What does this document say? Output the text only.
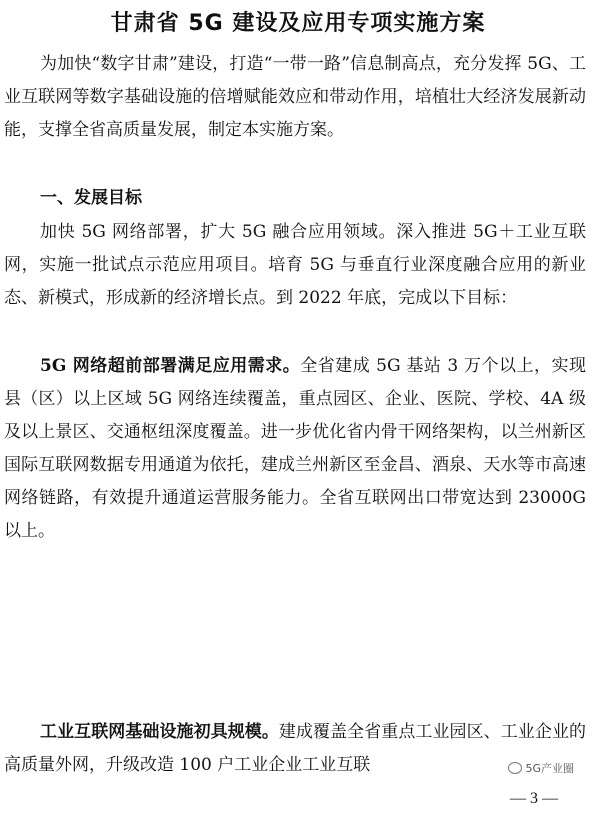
甘肃省 5G 建设及应用专项实施方案
为加快“数字甘肃”建设，打造“一带一路”信息制高点，充分发挥 5G、工业互联网等数字基础设施的倍增赋能效应和带动作用，培植壮大经济发展新动能，支撑全省高质量发展，制定本实施方案。
一、发展目标
加快 5G 网络部署，扩大 5G 融合应用领域。深入推进 5G＋工业互联网，实施一批试点示范应用项目。培育 5G 与垂直行业深度融合应用的新业态、新模式，形成新的经济增长点。到 2022 年底，完成以下目标：
5G 网络超前部署满足应用需求。全省建成 5G 基站 3 万个以上，实现县（区）以上区域 5G 网络连续覆盖，重点园区、企业、医院、学校、4A 级及以上景区、交通枢纽深度覆盖。进一步优化省内骨干网络架构，以兰州新区国际互联网数据专用通道为依托，建成兰州新区至金昌、酒泉、天水等市高速网络链路，有效提升通道运营服务能力。全省互联网出口带宽达到 23000G 以上。
工业互联网基础设施初具规模。建成覆盖全省重点工业园区、工业企业的高质量外网，升级改造 100 户工业企业工业互联	5G产业圈
— 3 —
